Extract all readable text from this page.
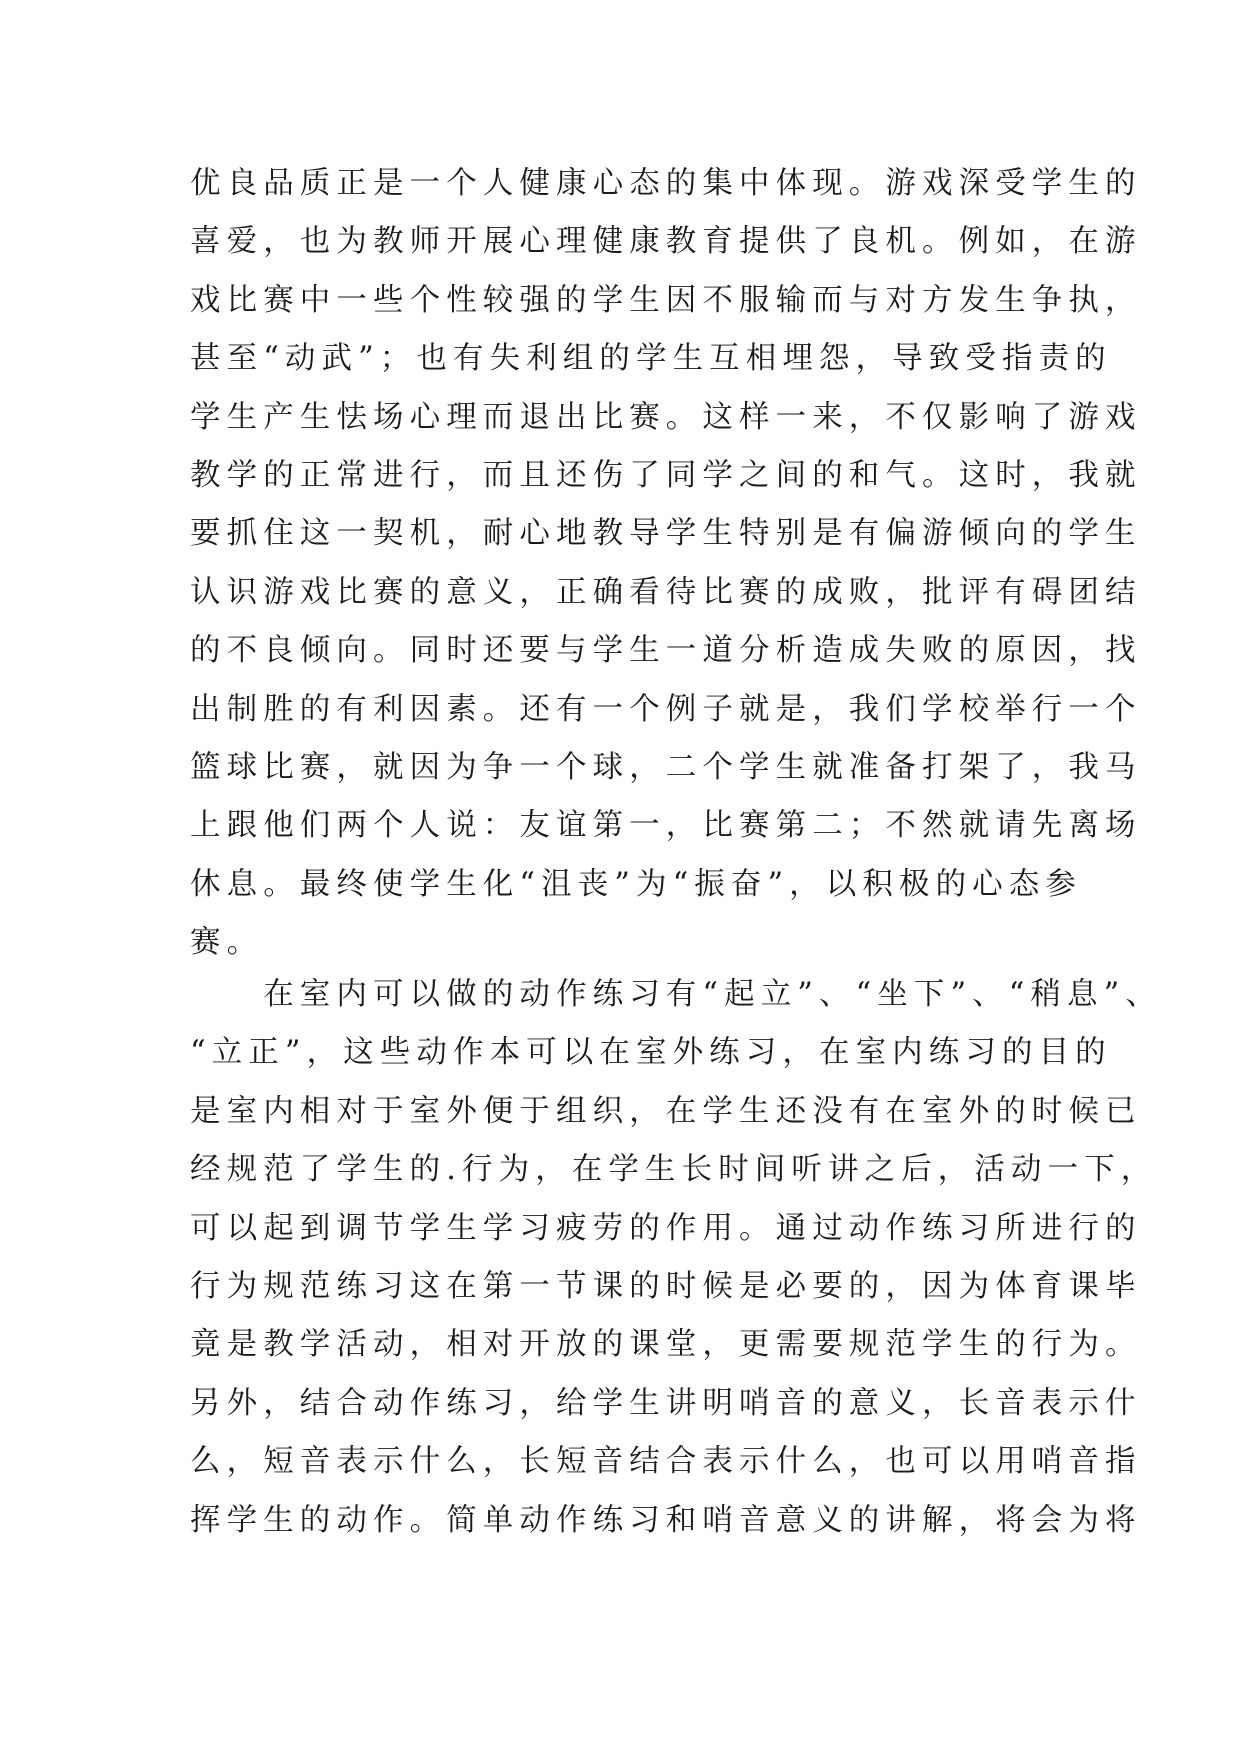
优良品质正是一个人健康心态的集中体现。游戏深受学生的
喜爱，也为教师开展心理健康教育提供了良机。例如，在游
戏比赛中一些个性较强的学生因不服输而与对方发生争执，
甚至“动武”；也有失利组的学生互相埋怨，导致受指责的
学生产生怯场心理而退出比赛。这样一来，不仅影响了游戏
教学的正常进行，而且还伤了同学之间的和气。这时，我就
要抓住这一契机，耐心地教导学生特别是有偏游倾向的学生
认识游戏比赛的意义，正确看待比赛的成败，批评有碍团结
的不良倾向。同时还要与学生一道分析造成失败的原因，找
出制胜的有利因素。还有一个例子就是，我们学校举行一个
篮球比赛，就因为争一个球，二个学生就准备打架了，我马
上跟他们两个人说：友谊第一，比赛第二；不然就请先离场
休息。最终使学生化“沮丧”为“振奋”，以积极的心态参
赛。
　　在室内可以做的动作练习有“起立”、“坐下”、“稍息”、
“立正”，这些动作本可以在室外练习，在室内练习的目的
是室内相对于室外便于组织，在学生还没有在室外的时候已
经规范了学生的.行为，在学生长时间听讲之后，活动一下，
可以起到调节学生学习疲劳的作用。通过动作练习所进行的
行为规范练习这在第一节课的时候是必要的，因为体育课毕
竟是教学活动，相对开放的课堂，更需要规范学生的行为。
另外，结合动作练习，给学生讲明哨音的意义，长音表示什
么，短音表示什么，长短音结合表示什么，也可以用哨音指
挥学生的动作。简单动作练习和哨音意义的讲解，将会为将
